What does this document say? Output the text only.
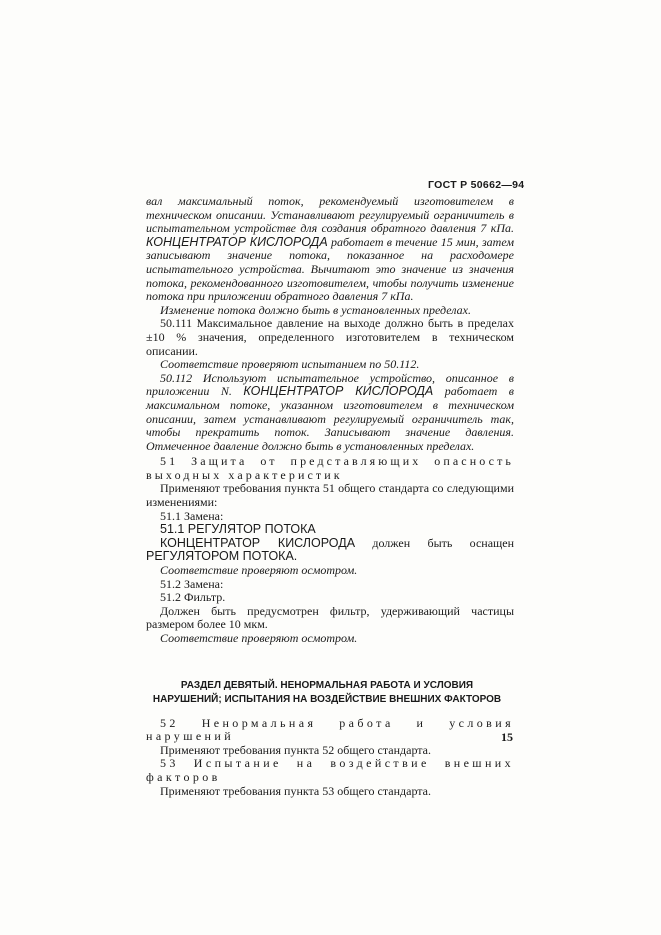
ГОСТ Р 50662—94

вал максимальный поток, рекомендуемый изготовителем в техническом описании. Устанавливают регулируемый ограничитель в испытательном устройстве для создания обратного давления 7 кПа. КОНЦЕНТРАТОР КИСЛОРОДА работает в течение 15 мин, затем записывают значение потока, показанное на расходомере испытательного устройства. Вычитают это значение из значения потока, рекомендованного изготовителем, чтобы получить изменение потока при приложении обратного давления 7 кПа.

Изменение потока должно быть в установленных пределах.

50.111 Максимальное давление на выходе должно быть в пределах ±10 % значения, определенного изготовителем в техническом описании.

Соответствие проверяют испытанием по 50.112.

50.112 Используют испытательное устройство, описанное в приложении N. КОНЦЕНТРАТОР КИСЛОРОДА работает в максимальном потоке, указанном изготовителем в техническом описании, затем устанавливают регулируемый ограничитель так, чтобы прекратить поток. Записывают значение давления. Отмеченное давление должно быть в установленных пределах.

51 Защита от представляющих опасность выходных характеристик

Применяют требования пункта 51 общего стандарта со следующими изменениями:

51.1 Замена:

51.1 РЕГУЛЯТОР ПОТОКА

КОНЦЕНТРАТОР КИСЛОРОДА должен быть оснащен РЕГУЛЯТОРОМ ПОТОКА.

Соответствие проверяют осмотром.

51.2 Замена:

51.2 Фильтр.

Должен быть предусмотрен фильтр, удерживающий частицы размером более 10 мкм.

Соответствие проверяют осмотром.

РАЗДЕЛ ДЕВЯТЫЙ. НЕНОРМАЛЬНАЯ РАБОТА И УСЛОВИЯ
НАРУШЕНИЙ; ИСПЫТАНИЯ НА ВОЗДЕЙСТВИЕ ВНЕШНИХ ФАКТОРОВ

52 Ненормальная работа и условия нарушений

Применяют требования пункта 52 общего стандарта.

53 Испытание на воздействие внешних факторов

Применяют требования пункта 53 общего стандарта.

15
